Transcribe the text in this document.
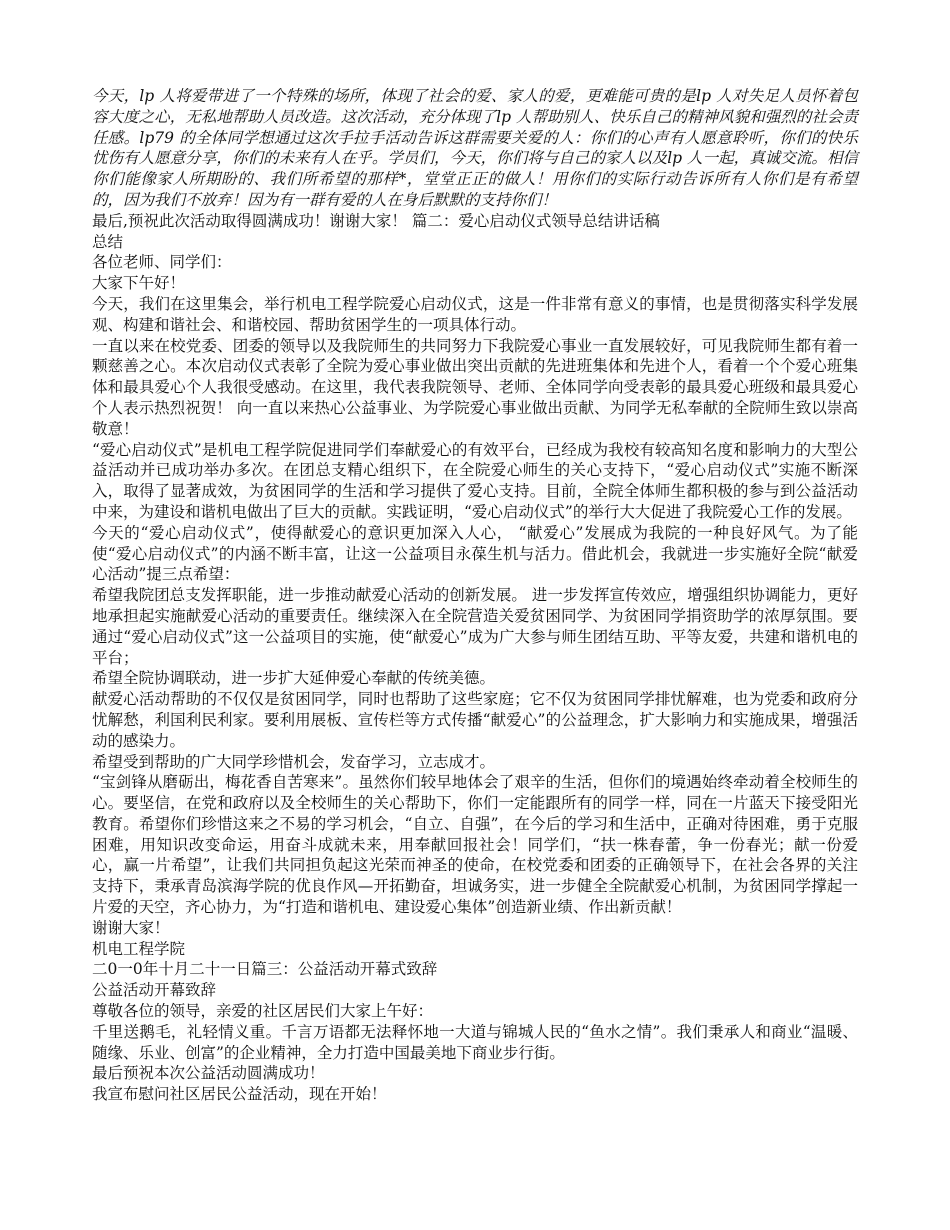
今天，lp 人将爱带进了一个特殊的场所，体现了社会的爱、家人的爱，更难能可贵的是lp 人对失足人员怀着包容大度之心，无私地帮助人员改造。这次活动，充分体现了lp 人帮助别人、快乐自己的精神风貌和强烈的社会责任感。lp79 的全体同学想通过这次手拉手活动告诉这群需要关爱的人：你们的心声有人愿意聆听，你们的快乐忧伤有人愿意分享，你们的未来有人在乎。学员们，今天，你们将与自己的家人以及lp 人一起，真诚交流。相信你们能像家人所期盼的、我们所希望的那样*，堂堂正正的做人！用你们的实际行动告诉所有人你们是有希望的，因为我们不放弃！因为有一群有爱的人在身后默默的支持你们！

最后,预祝此次活动取得圆满成功！谢谢大家！ 篇二：爱心启动仪式领导总结讲话稿

总结

各位老师、同学们：

大家下午好！

今天，我们在这里集会，举行机电工程学院爱心启动仪式，这是一件非常有意义的事情，也是贯彻落实科学发展观、构建和谐社会、和谐校园、帮助贫困学生的一项具体行动。

一直以来在校党委、团委的领导以及我院师生的共同努力下我院爱心事业一直发展较好，可见我院师生都有着一颗慈善之心。本次启动仪式表彰了全院为爱心事业做出突出贡献的先进班集体和先进个人，看着一个个爱心班集体和最具爱心个人我很受感动。在这里，我代表我院领导、老师、全体同学向受表彰的最具爱心班级和最具爱心个人表示热烈祝贺！ 向一直以来热心公益事业、为学院爱心事业做出贡献、为同学无私奉献的全院师生致以崇高敬意！

“爱心启动仪式”是机电工程学院促进同学们奉献爱心的有效平台，已经成为我校有较高知名度和影响力的大型公益活动并已成功举办多次。在团总支精心组织下，在全院爱心师生的关心支持下，“爱心启动仪式”实施不断深入，取得了显著成效，为贫困同学的生活和学习提供了爱心支持。目前，全院全体师生都积极的参与到公益活动中来，为建设和谐机电做出了巨大的贡献。实践证明，“爱心启动仪式”的举行大大促进了我院爱心工作的发展。

今天的“爱心启动仪式”，使得献爱心的意识更加深入人心， “献爱心”发展成为我院的一种良好风气。为了能使“爱心启动仪式”的内涵不断丰富，让这一公益项目永葆生机与活力。借此机会，我就进一步实施好全院“献爱心活动”提三点希望：

希望我院团总支发挥职能，进一步推动献爱心活动的创新发展。 进一步发挥宣传效应，增强组织协调能力，更好地承担起实施献爱心活动的重要责任。继续深入在全院营造关爱贫困同学、为贫困同学捐资助学的浓厚氛围。要通过“爱心启动仪式”这一公益项目的实施，使“献爱心”成为广大参与师生团结互助、平等友爱，共建和谐机电的平台；

希望全院协调联动，进一步扩大延伸爱心奉献的传统美德。

献爱心活动帮助的不仅仅是贫困同学，同时也帮助了这些家庭；它不仅为贫困同学排忧解难，也为党委和政府分忧解愁，利国利民利家。要利用展板、宣传栏等方式传播“献爱心”的公益理念，扩大影响力和实施成果，增强活动的感染力。

希望受到帮助的广大同学珍惜机会，发奋学习，立志成才。

“宝剑锋从磨砺出，梅花香自苦寒来”。虽然你们较早地体会了艰辛的生活，但你们的境遇始终牵动着全校师生的心。要坚信，在党和政府以及全校师生的关心帮助下，你们一定能跟所有的同学一样，同在一片蓝天下接受阳光教育。希望你们珍惜这来之不易的学习机会，“自立、自强”，在今后的学习和生活中，正确对待困难，勇于克服困难，用知识改变命运，用奋斗成就未来，用奉献回报社会！同学们，“扶一株春蕾，争一份春光；献一份爱心，赢一片希望”，让我们共同担负起这光荣而神圣的使命，在校党委和团委的正确领导下，在社会各界的关注支持下，秉承青岛滨海学院的优良作风—开拓勤奋，坦诚务实，进一步健全全院献爱心机制，为贫困同学撑起一片爱的天空，齐心协力，为“打造和谐机电、建设爱心集体”创造新业绩、作出新贡献！

谢谢大家！

机电工程学院

二0一0年十月二十一日篇三：公益活动开幕式致辞

公益活动开幕致辞

尊敬各位的领导，亲爱的社区居民们大家上午好：

千里送鹅毛，礼轻情义重。千言万语都无法释怀地一大道与锦城人民的“鱼水之情”。我们秉承人和商业“温暖、随缘、乐业、创富”的企业精神，全力打造中国最美地下商业步行街。

最后预祝本次公益活动圆满成功！

我宣布慰问社区居民公益活动，现在开始！
